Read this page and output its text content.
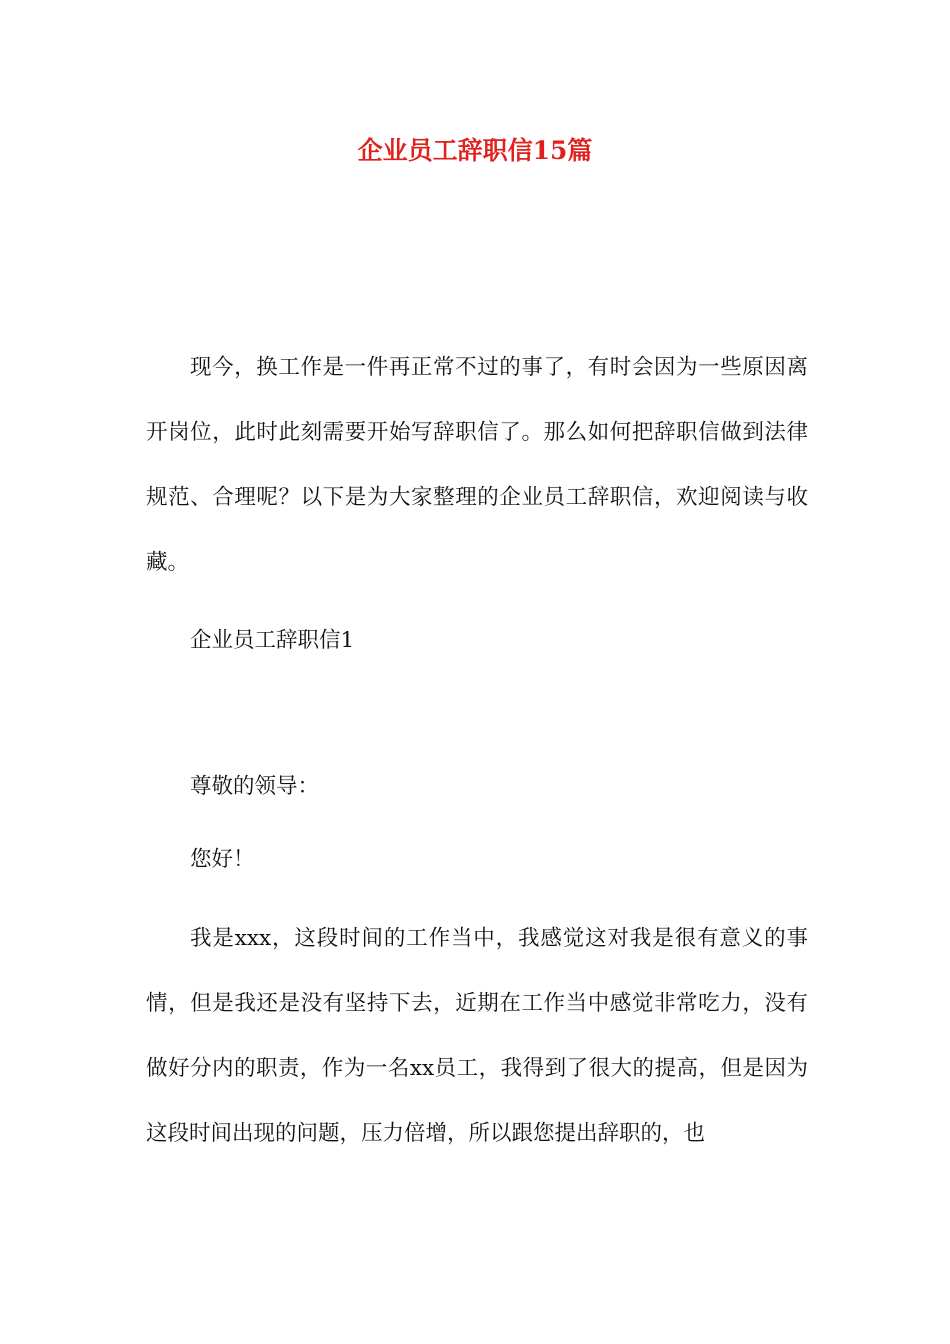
企业员工辞职信15篇

现今，换工作是一件再正常不过的事了，有时会因为一些原因离开岗位，此时此刻需要开始写辞职信了。那么如何把辞职信做到法律规范、合理呢？以下是为大家整理的企业员工辞职信，欢迎阅读与收藏。

企业员工辞职信1

尊敬的领导：

您好！

我是xxx，这段时间的工作当中，我感觉这对我是很有意义的事情，但是我还是没有坚持下去，近期在工作当中感觉非常吃力，没有做好分内的职责，作为一名xx员工，我得到了很大的提高，但是因为这段时间出现的问题，压力倍增，所以跟您提出辞职的，也
